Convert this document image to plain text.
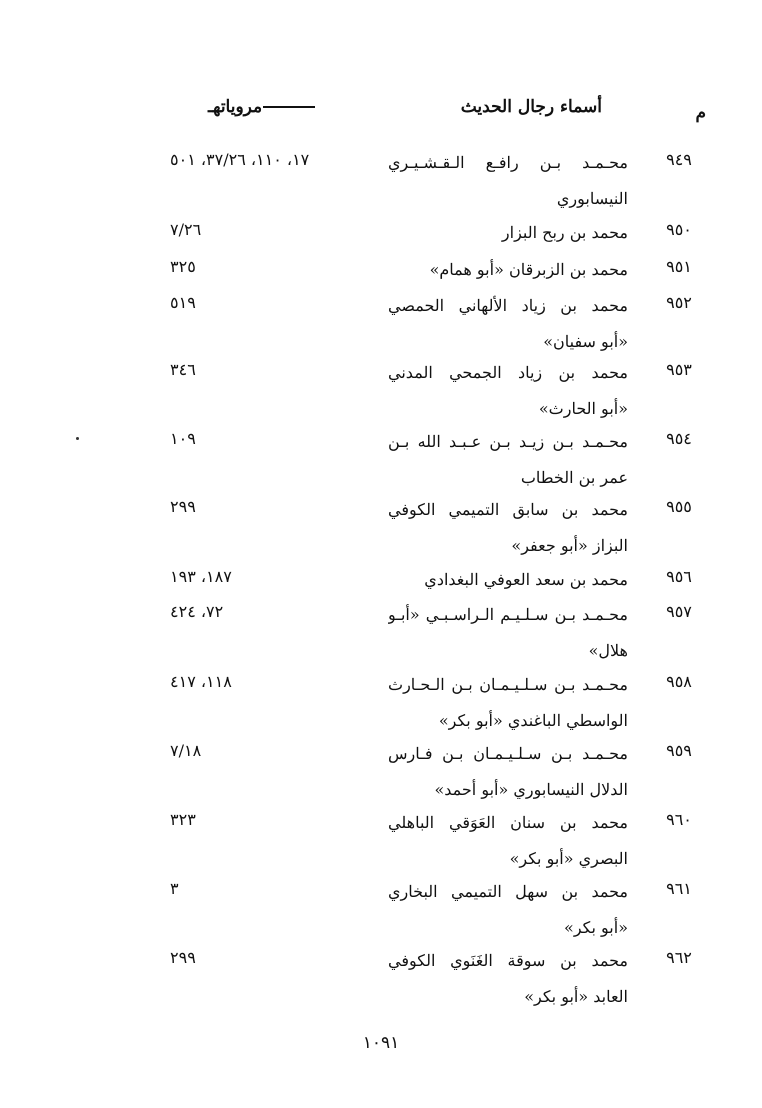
م
أسماء رجال الحديث
مروياتهـ
٩٤٩
محـمـد بـن رافـع الـقـشـيـري
النيسابوري
١٧، ١١٠، ٣٧/٢٦، ٥٠١
٩٥٠
محمد بن ربح البزار
٧/٢٦
٩٥١
محمد بن الزبرقان «أبو همام»
٣٢٥
٩٥٢
محمد بن زياد الألهاني الحمصي
«أبو سفيان»
٥١٩
٩٥٣
محمد بن زياد الجمحي المدني
«أبو الحارث»
٣٤٦
٩٥٤
محـمـد بـن زيـد بـن عـبـد الله بـن
عمر بن الخطاب
١٠٩
٩٥٥
محمد بن سابق التميمي الكوفي
البزاز «أبو جعفر»
٢٩٩
٩٥٦
محمد بن سعد العوفي البغدادي
١٨٧، ١٩٣
٩٥٧
محـمـد بـن سـلـيـم الـراسـبـي «أبـو
هلال»
٧٢، ٤٢٤
٩٥٨
محـمـد بـن سـلـيـمـان بـن الـحـارث
الواسطي الباغندي «أبو بكر»
١١٨، ٤١٧
٩٥٩
محـمـد بـن سـلـيـمـان بـن فـارس
الدلال النيسابوري «أبو أحمد»
٧/١٨
٩٦٠
محمد بن سنان العَوَقي الباهلي
البصري «أبو بكر»
٣٢٣
٩٦١
محمد بن سهل التميمي البخاري
«أبو بكر»
٣
٩٦٢
محمد بن سوقة الغَنَوي الكوفي
العابد «أبو بكر»
٢٩٩
١٠٩١
